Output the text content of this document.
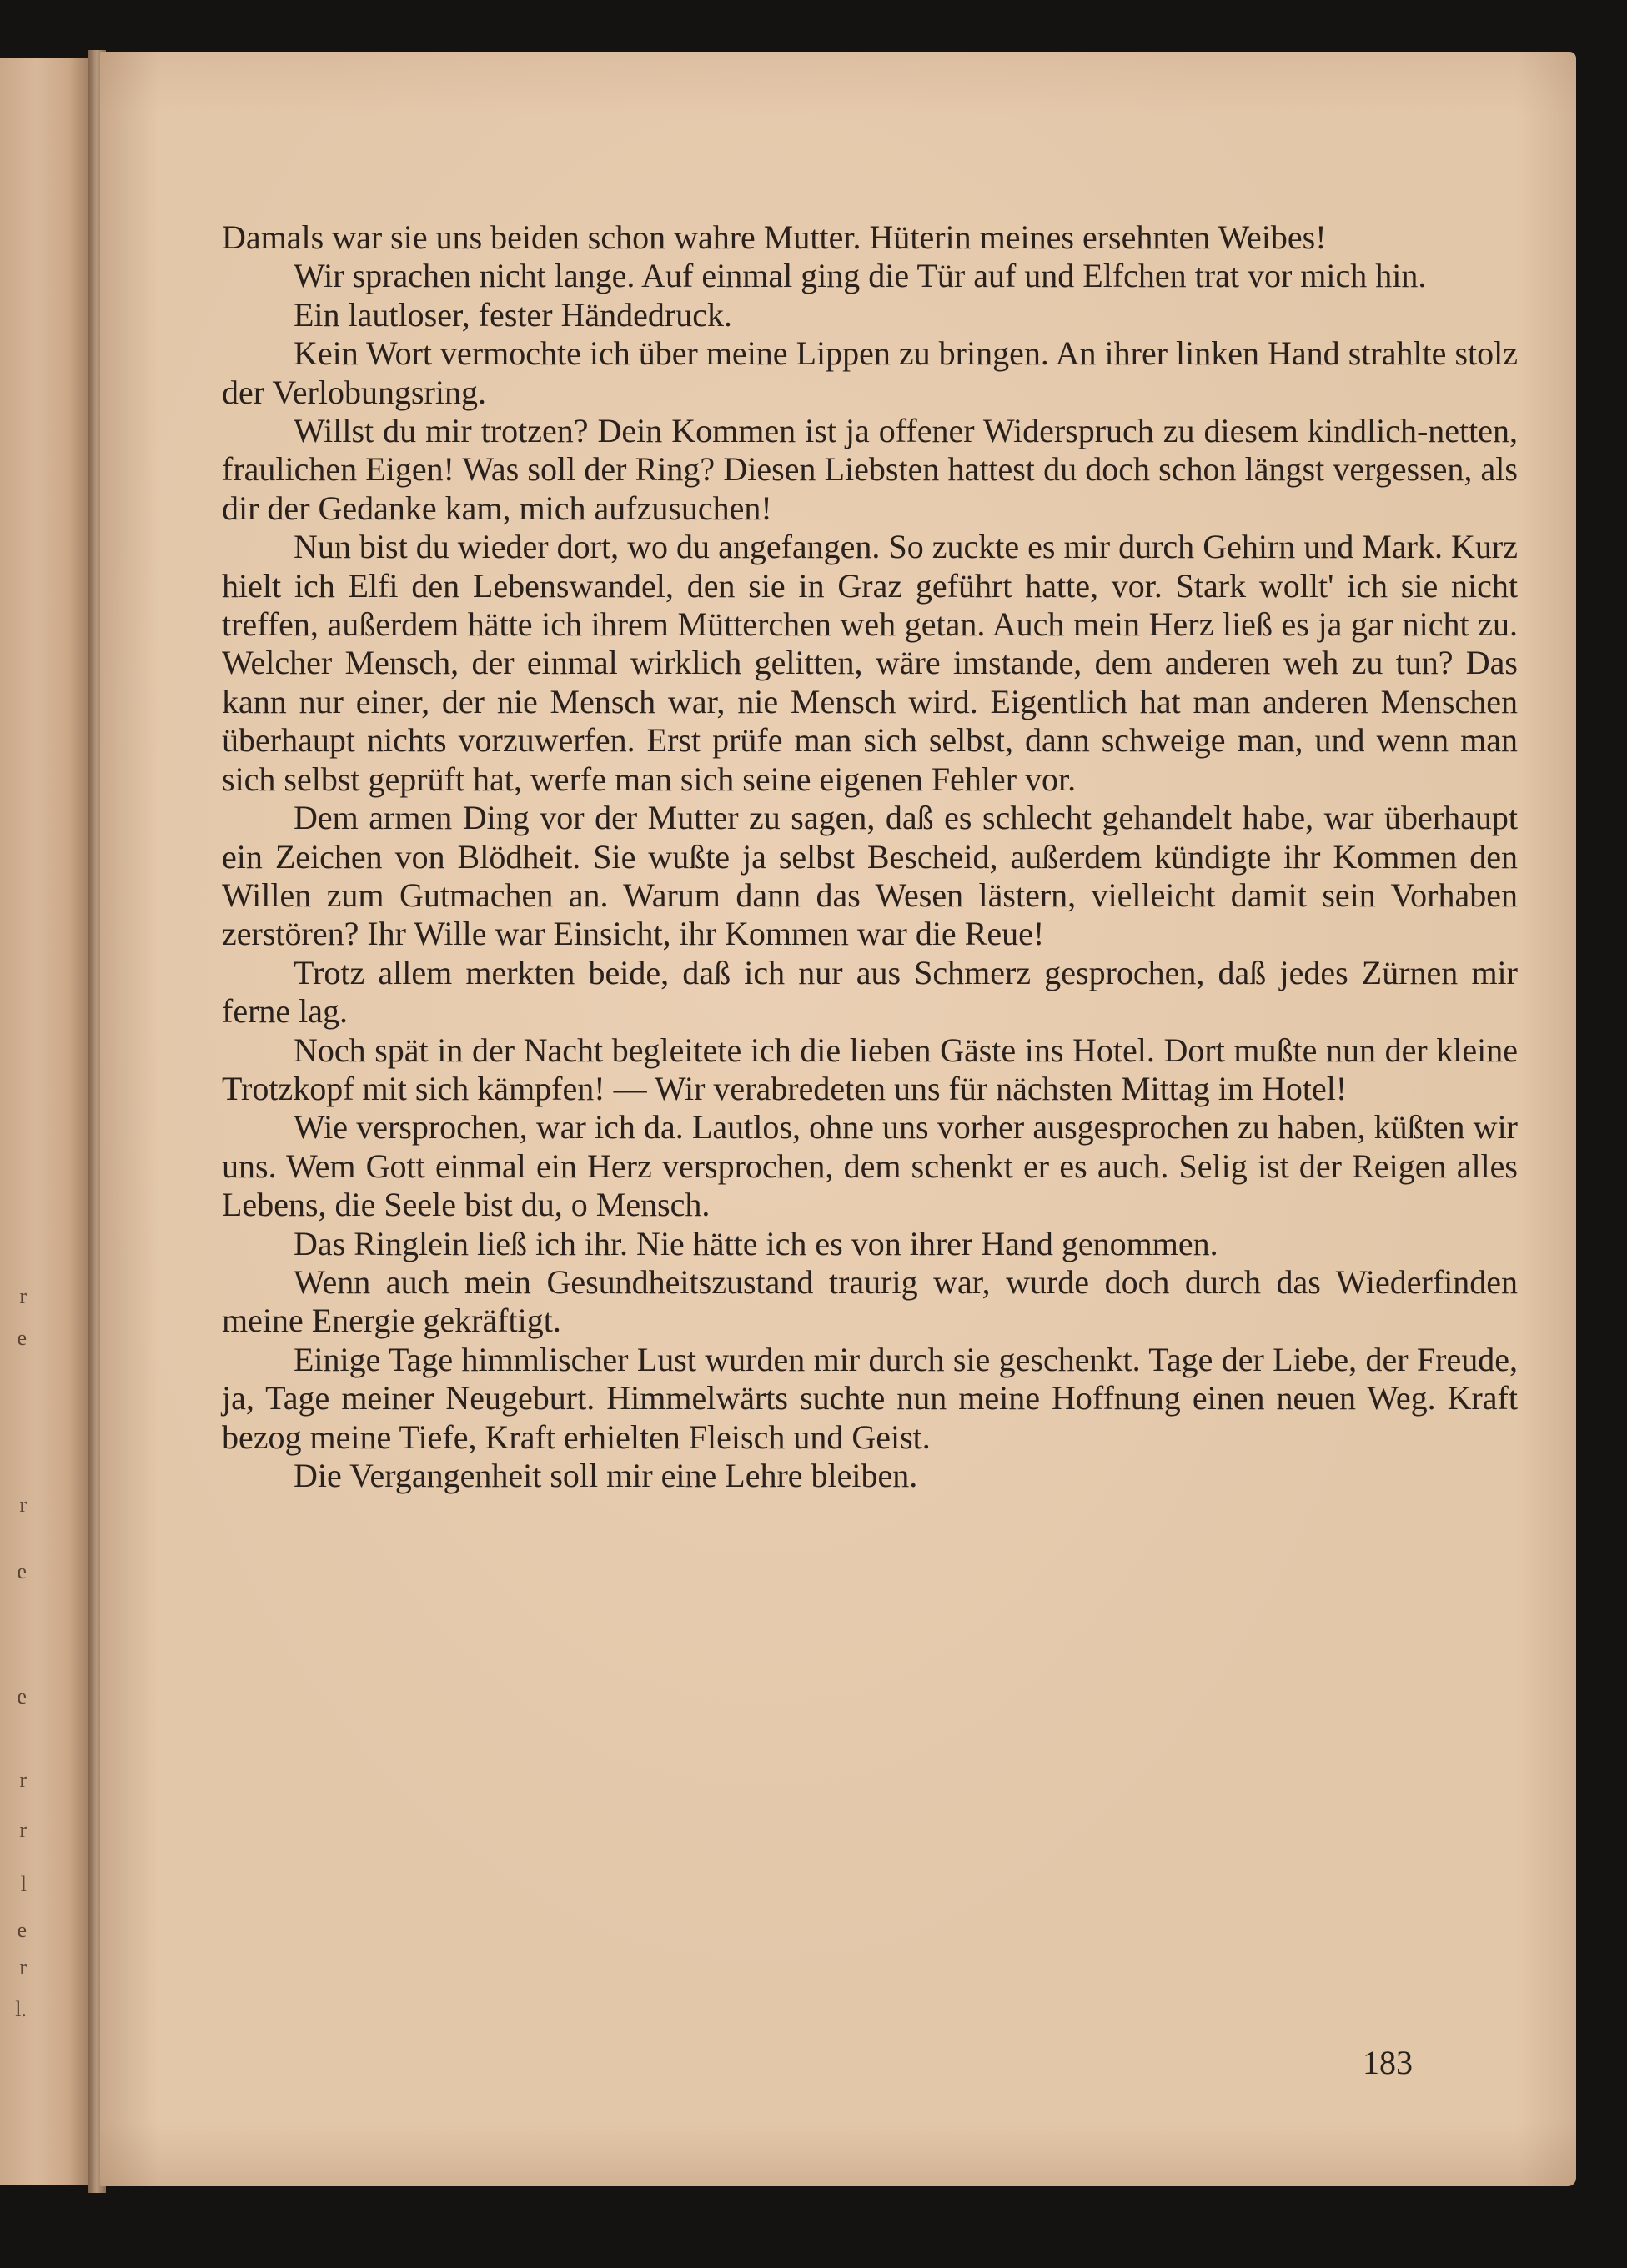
r
e
r
e
e
r
r
l
e
r
l.

Damals war sie uns beiden schon wahre Mutter. Hüterin meines ersehnten Weibes!

Wir sprachen nicht lange. Auf einmal ging die Tür auf und Elfchen trat vor mich hin.

Ein lautloser, fester Händedruck.

Kein Wort vermochte ich über meine Lippen zu bringen. An ihrer linken Hand strahlte stolz der Verlobungsring.

Willst du mir trotzen? Dein Kommen ist ja offener Widerspruch zu diesem kindlich-netten, fraulichen Eigen! Was soll der Ring? Diesen Liebsten hattest du doch schon längst vergessen, als dir der Gedanke kam, mich aufzusuchen!

Nun bist du wieder dort, wo du angefangen. So zuckte es mir durch Gehirn und Mark. Kurz hielt ich Elfi den Lebenswandel, den sie in Graz geführt hatte, vor. Stark wollt' ich sie nicht treffen, außerdem hätte ich ihrem Mütterchen weh getan. Auch mein Herz ließ es ja gar nicht zu. Welcher Mensch, der einmal wirklich gelitten, wäre imstande, dem anderen weh zu tun? Das kann nur einer, der nie Mensch war, nie Mensch wird. Eigentlich hat man anderen Menschen überhaupt nichts vorzuwerfen. Erst prüfe man sich selbst, dann schweige man, und wenn man sich selbst geprüft hat, werfe man sich seine eigenen Fehler vor.

Dem armen Ding vor der Mutter zu sagen, daß es schlecht gehandelt habe, war überhaupt ein Zeichen von Blödheit. Sie wußte ja selbst Bescheid, außerdem kündigte ihr Kommen den Willen zum Gutmachen an. Warum dann das Wesen lästern, vielleicht damit sein Vorhaben zerstören? Ihr Wille war Einsicht, ihr Kommen war die Reue!

Trotz allem merkten beide, daß ich nur aus Schmerz gesprochen, daß jedes Zürnen mir ferne lag.

Noch spät in der Nacht begleitete ich die lieben Gäste ins Hotel. Dort mußte nun der kleine Trotzkopf mit sich kämpfen! — Wir verabredeten uns für nächsten Mittag im Hotel!

Wie versprochen, war ich da. Lautlos, ohne uns vorher ausgesprochen zu haben, küßten wir uns. Wem Gott einmal ein Herz versprochen, dem schenkt er es auch. Selig ist der Reigen alles Lebens, die Seele bist du, o Mensch.

Das Ringlein ließ ich ihr. Nie hätte ich es von ihrer Hand genommen.

Wenn auch mein Gesundheitszustand traurig war, wurde doch durch das Wiederfinden meine Energie gekräftigt.

Einige Tage himmlischer Lust wurden mir durch sie geschenkt. Tage der Liebe, der Freude, ja, Tage meiner Neugeburt. Himmelwärts suchte nun meine Hoffnung einen neuen Weg. Kraft bezog meine Tiefe, Kraft erhielten Fleisch und Geist.

Die Vergangenheit soll mir eine Lehre bleiben.

183
